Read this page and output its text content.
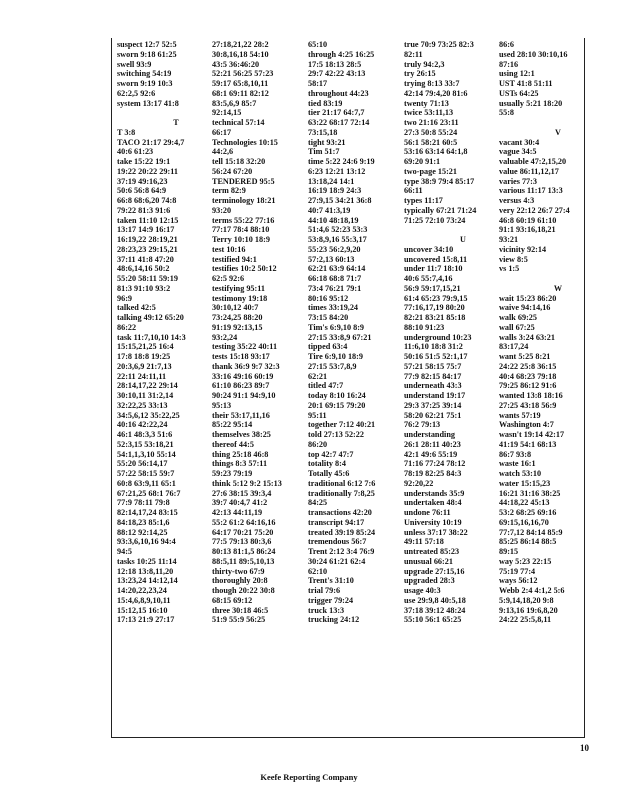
suspect 12:7 52:5
sworn 9:18 61:25
swell 93:9
switching 54:19
sworn 9:19 10:3
62:2,5 92:6
system 13:17 41:8
T
T 3:8
TACO 21:17 29:4,7
40:6 61:23
take 15:22 19:1
19:22 20:22 29:11
37:19 49:16,23
50:6 56:8 64:9
66:8 68:6,20 74:8
79:22 81:3 91:6
taken 11:10 12:15
13:17 14:9 16:17
16:19,22 28:19,21
28:23,23 29:15,21
37:11 41:8 47:20
48:6,14,16 50:2
55:20 58:11 59:19
81:3 91:10 93:2
96:9
talked 42:5
talking 49:12 65:20
86:22
task 11:7,10,10 14:3
15:15,21,25 16:4
17:8 18:8 19:25
20:3,6,9 21:7,13
22:11 24:11,11
28:14,17,22 29:14
30:10,11 31:2,14
32:22,25 33:13
34:5,6,12 35:22,25
40:16 42:22,24
46:1 48:3,3 51:6
52:3,15 53:18,21
54:1,1,3,10 55:14
55:20 56:14,17
57:22 58:15 59:7
60:8 63:9,11 65:1
67:21,25 68:1 76:7
77:9 78:11 79:8
82:14,17,24 83:15
84:18,23 85:1,6
88:12 92:14,25
93:3,6,10,16 94:4
94:5
tasks 10:25 11:14
12:18 13:8,11,20
13:23,24 14:12,14
14:20,22,23,24
15:4,6,8,9,10,11
15:12,15 16:10
17:13 21:9 27:17
27:18,21,22 28:2
30:8,16,18 54:10
43:5 36:46:20
52:21 56:25 57:23
59:17 65:8,10,11
68:1 69:11 82:12
83:5,6,9 85:7
92:14,15
technical 57:14
66:17
Technologies 10:15
44:2,6
tell 15:18 32:20
56:24 67:20
TENDERED 95:5
term 82:9
terminology 18:21
93:20
terms 55:22 77:16
77:17 78:4 88:10
Terry 10:10 18:9
test 10:16
testified 94:1
testifies 10:2 50:12
62:5 92:6
testifying 95:11
testimony 19:18
30:10,12 40:7
73:24,25 88:20
91:19 92:13,15
93:2,24
testing 35:22 40:11
tests 15:18 93:17
thank 36:9 9:7 32:3
33:16 49:16 60:19
61:10 86:23 89:7
90:24 91:1 94:9,10
95:13
their 53:17,11,16
85:22 95:14
themselves 38:25
thereof 44:5
thing 25:18 46:8
things 8:3 57:11
59:23 79:19
think 5:12 9:2 15:13
27:6 38:15 39:3,4
39:7 40:4,7 41:2
42:13 44:11,19
55:2 61:2 64:16,16
64:17 70:21 75:20
77:5 79:13 80:3,6
80:13 81:1,5 86:24
88:5,11 89:5,10,13
thirty-two 67:9
thoroughly 20:8
though 20:22 30:8
68:15 69:12
three 30:18 46:5
51:9 55:9 56:25
65:10
through 4:25 16:25
17:5 18:13 28:5
29:7 42:22 43:13
58:17
throughout 44:23
tied 83:19
tier 21:17 64:7,7
63:22 68:17 72:14
73:15,18
tight 93:21
Tim 51:7
time 5:22 24:6 9:19
6:23 12:21 13:12
13:18,24 14:1
16:19 18:9 24:3
27:9,15 34:21 36:8
40:7 41:3,19
44:10 48:18,19
51:4,6 52:23 53:3
53:8,9,16 55:3,17
55:23 56:2,9,20
57:2,13 60:13
62:21 63:9 64:14
66:18 68:8 71:7
73:4 76:21 79:1
80:16 95:12
times 33:19,24
73:15 84:20
Tim's 6:9,10 8:9
27:15 33:8,9 67:21
tipped 63:4
Tire 6:9,10 18:9
27:15 53:7,8,9
62:21
titled 47:7
today 8:10 16:24
20:1 69:15 79:20
95:11
together 7:12 40:21
told 27:13 52:22
86:20
top 42:7 47:7
totality 8:4
Totally 45:6
traditional 6:12 7:6
traditionally 7:8,25
84:25
transactions 42:20
transcript 94:17
treated 39:19 85:24
tremendous 56:7
Trent 2:12 3:4 76:9
30:24 61:21 62:4
62:10
Trent's 31:10
trial 79:6
trigger 79:24
truck 13:3
trucking 24:12
true 70:9 73:25 82:3
82:11
truly 94:2,3
try 26:15
trying 8:13 33:7
42:14 79:4,20 81:6
twenty 71:13
twice 53:11,13
two 21:16 23:11
27:3 50:8 55:24
56:1 58:21 60:5
53:16 63:14 64:1,8
69:20 91:1
two-page 15:21
type 38:9 79:4 85:17
66:11
types 11:17
typically 67:21 71:24
71:25 72:10 73:24
U
uncover 34:10
uncovered 15:8,11
under 11:7 18:10
40:6 55:7,4,16
56:9 59:17,15,21
61:4 65:23 79:9,15
77:16,17,19 80:20
82:21 83:21 85:18
88:10 91:23
underground 10:23
11:6,10 18:8 31:2
50:16 51:5 52:1,17
57:21 58:15 75:7
77:9 82:15 84:17
underneath 43:3
understand 19:17
29:3 37:25 39:14
58:20 62:21 75:1
76:2 79:13
understanding
26:1 28:11 40:23
42:1 49:6 55:19
71:16 77:24 78:12
78:19 82:25 84:3
92:20,22
understands 35:9
undertaken 48:4
undone 76:11
University 10:19
unless 37:17 38:22
49:11 57:18
untreated 85:23
unusual 66:21
upgrade 27:15,16
upgraded 28:3
usage 40:3
use 29:9,8 40:5,18
37:18 39:12 48:24
55:10 56:1 65:25
86:6
used 28:10 30:10,16
87:16
using 12:1
UST 41:8 51:11
USTs 64:25
usually 5:21 18:20
55:8
V
vacant 30:4
vague 34:5
valuable 47:2,15,20
value 86:11,12,17
varies 77:3
various 11:17 13:3
versus 4:3
very 22:12 26:7 27:4
46:8 60:19 61:10
91:1 93:16,18,21
93:21
vicinity 92:14
view 8:5
vs 1:5
W
wait 15:23 86:20
waive 94:14,16
walk 69:25
wall 67:25
walls 3:24 63:21
83:17,24
want 5:25 8:21
24:22 25:8 36:15
40:4 68:23 79:18
79:25 86:12 91:6
wanted 13:8 18:16
27:25 43:18 56:9
wants 57:19
Washington 4:7
wasn't 19:14 42:17
41:19 54:1 68:13
86:7 93:8
waste 16:1
watch 53:10
water 15:15,23
16:21 31:16 38:25
44:18,22 45:13
53:2 68:25 69:16
69:15,16,16,70
77:7,12 84:14 85:9
85:25 86:14 88:5
89:15
way 5:23 22:15
75:19 77:4
ways 56:12
Webb 2:4 4:1,2 5:6
5:9,14,18,20 9:8
9:13,16 19:6,8,20
24:22 25:5,8,11
10
Keefe Reporting Company
